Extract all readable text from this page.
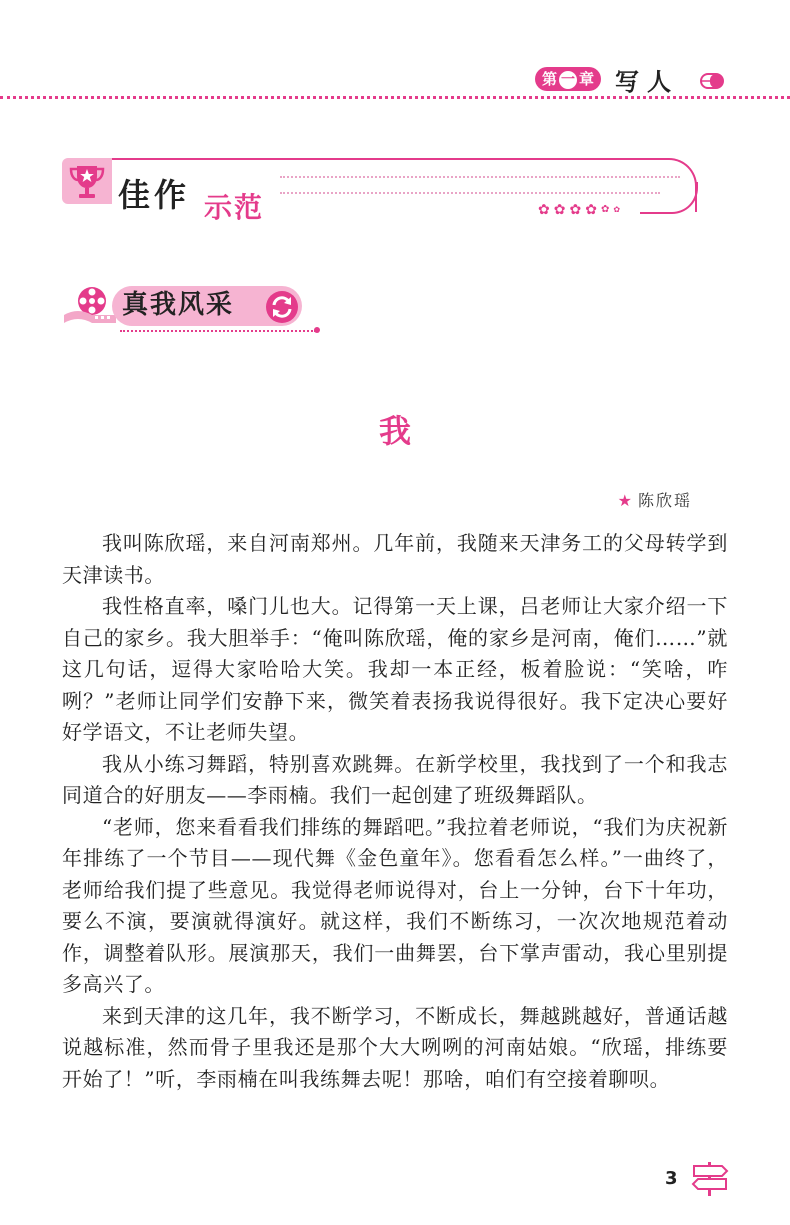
第 一 章 写人
佳作 示范	✿ ✿ ✿ ✿ ✿ ✿
真我风采
我
★ 陈欣瑶

我叫陈欣瑶，来自河南郑州。几年前，我随来天津务工的父母转学到天津读书。

我性格直率，嗓门儿也大。记得第一天上课，吕老师让大家介绍一下自己的家乡。我大胆举手：“俺叫陈欣瑶，俺的家乡是河南，俺们……”就这几句话，逗得大家哈哈大笑。我却一本正经，板着脸说：“笑啥，咋咧？”老师让同学们安静下来，微笑着表扬我说得很好。我下定决心要好好学语文，不让老师失望。

我从小练习舞蹈，特别喜欢跳舞。在新学校里，我找到了一个和我志同道合的好朋友——李雨楠。我们一起创建了班级舞蹈队。

“老师，您来看看我们排练的舞蹈吧。”我拉着老师说，“我们为庆祝新年排练了一个节目——现代舞《金色童年》。您看看怎么样。”一曲终了，老师给我们提了些意见。我觉得老师说得对，台上一分钟，台下十年功，要么不演，要演就得演好。就这样，我们不断练习，一次次地规范着动作，调整着队形。展演那天，我们一曲舞罢，台下掌声雷动，我心里别提多高兴了。

来到天津的这几年，我不断学习，不断成长，舞越跳越好，普通话越说越标准，然而骨子里我还是那个大大咧咧的河南姑娘。“欣瑶，排练要开始了！”听，李雨楠在叫我练舞去呢！那啥，咱们有空接着聊呗。

3
